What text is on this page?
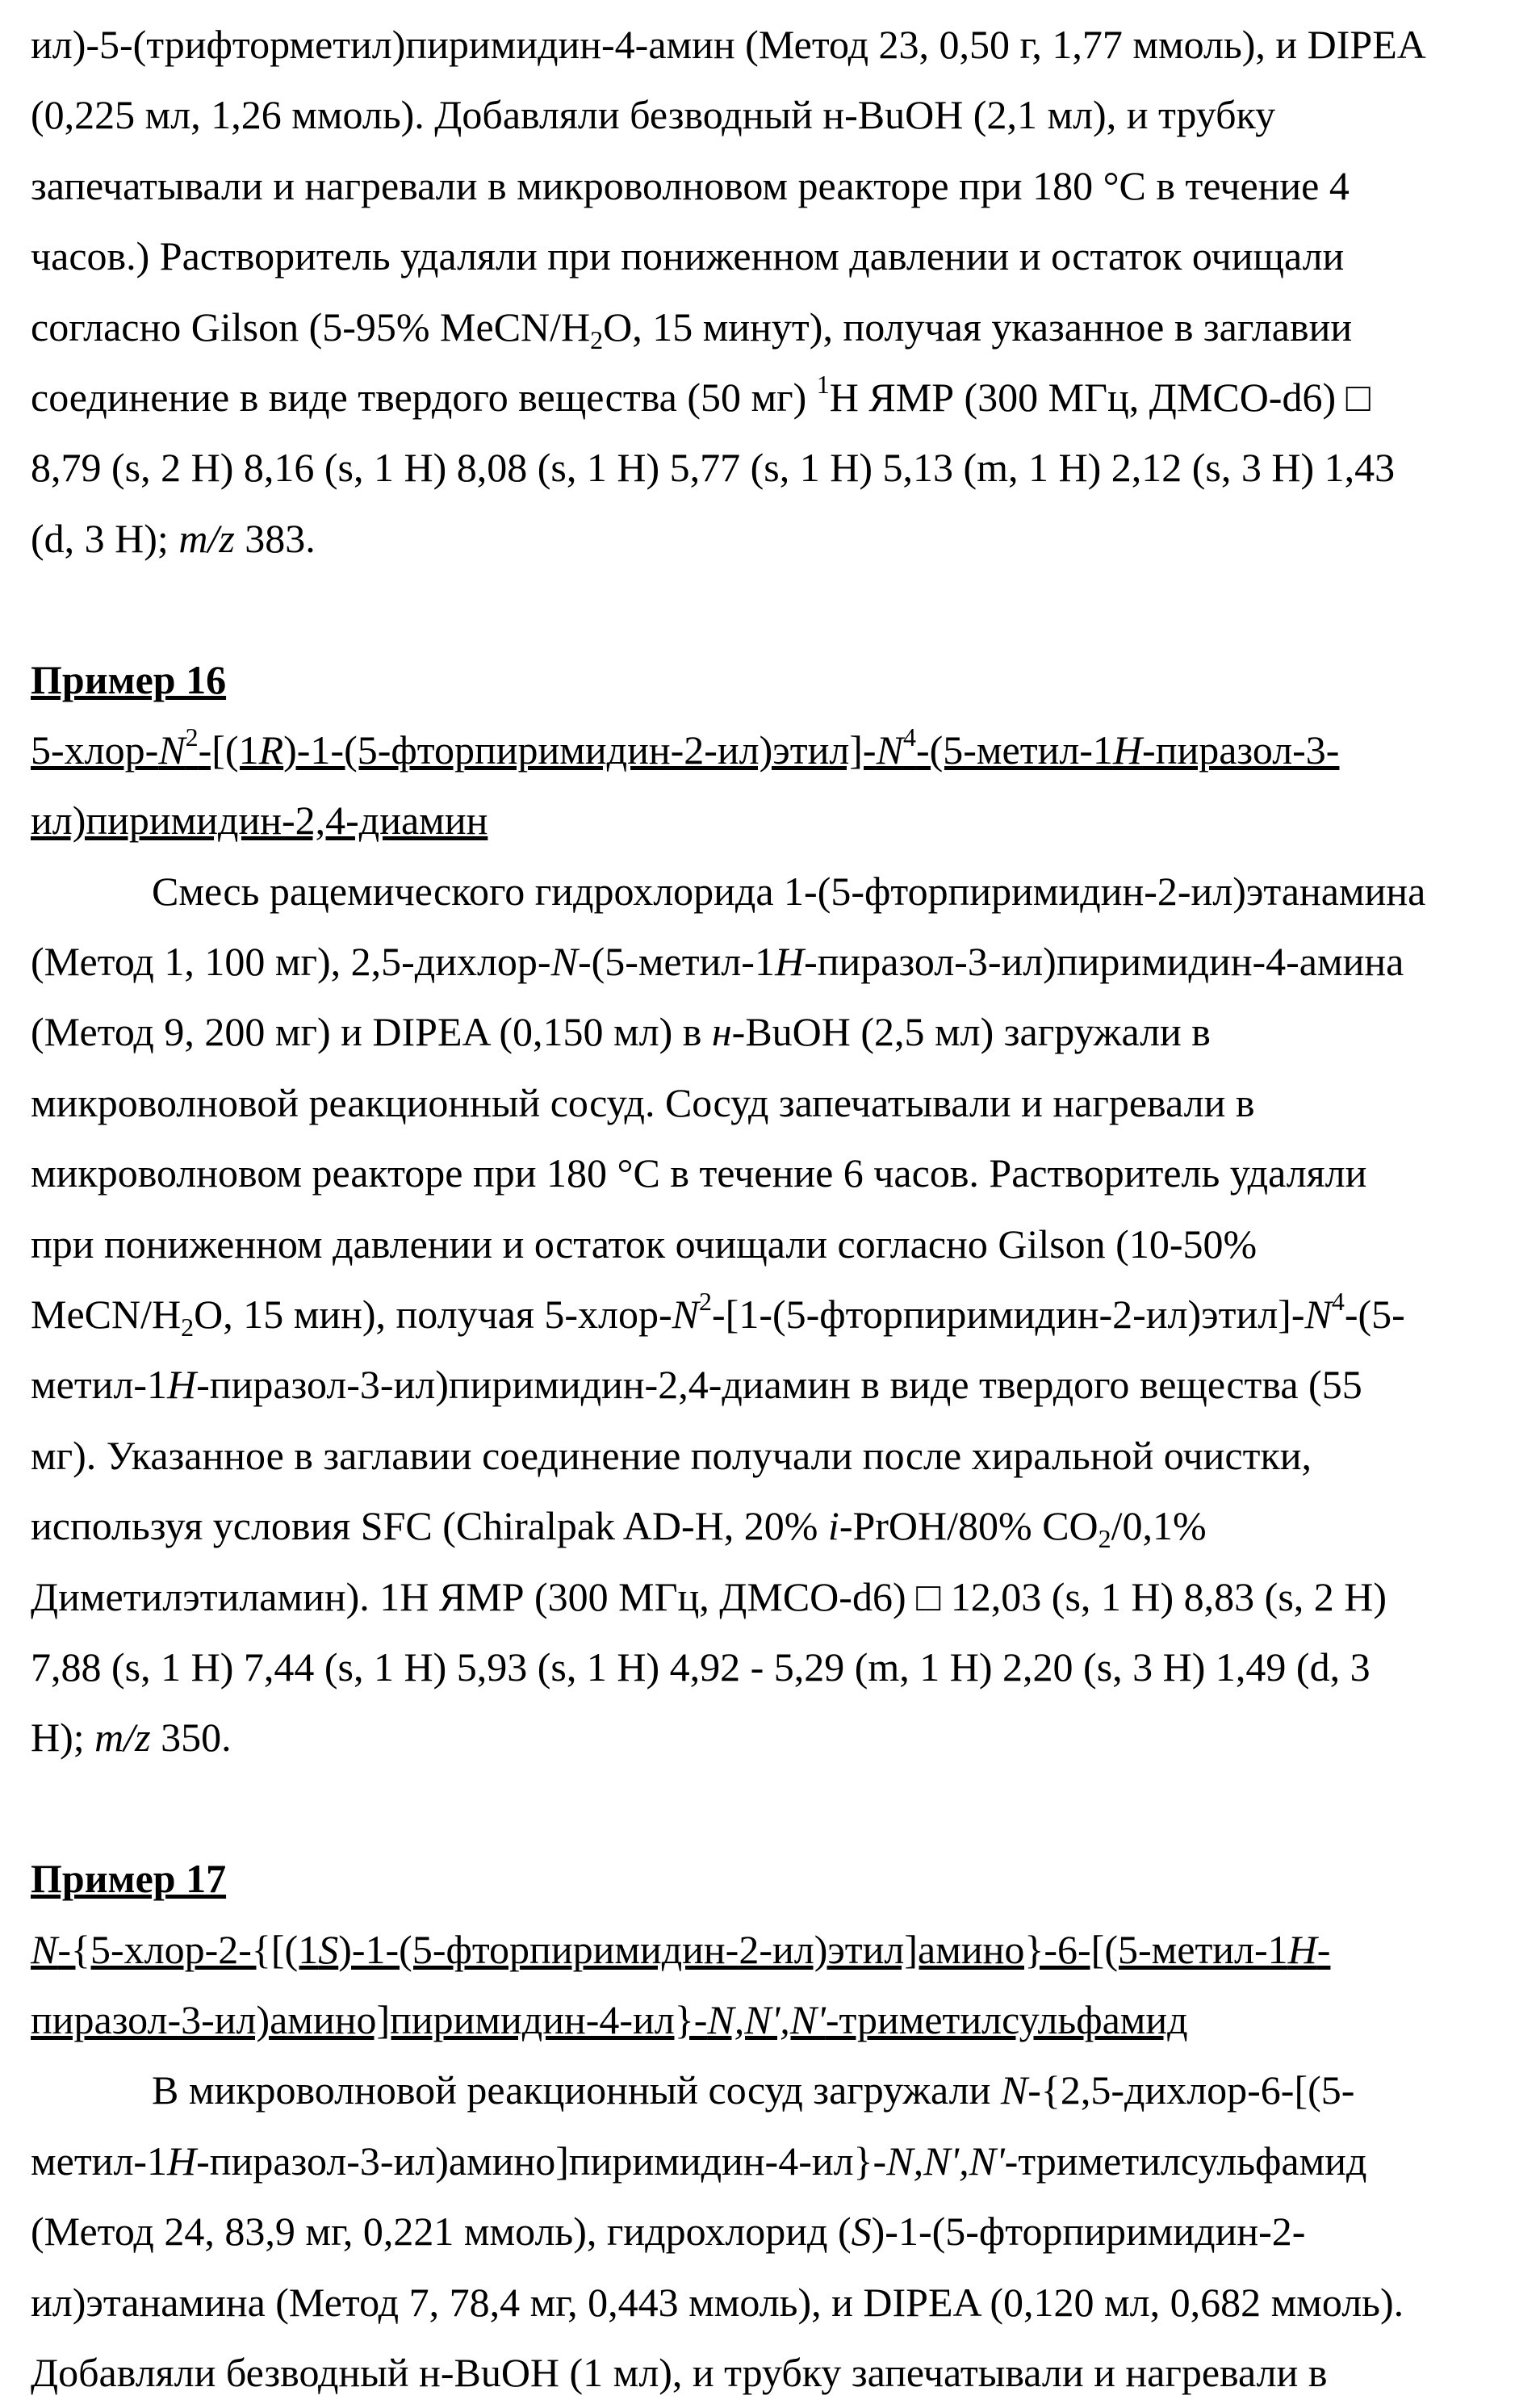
ил)-5-(трифторметил)пиримидин-4-амин (Метод 23, 0,50 г, 1,77 ммоль), и DIPEA
(0,225 мл, 1,26 ммоль). Добавляли безводный н-BuOH (2,1 мл), и трубку
запечатывали и нагревали в микроволновом реакторе при 180 °С в течение 4
часов.) Растворитель удаляли при пониженном давлении и остаток очищали
согласно Gilson (5-95% MeCN/H2O, 15 минут), получая указанное в заглавии
соединение в виде твердого вещества (50 мг) 1H ЯМР (300 МГц, ДМСО-d6) □
8,79 (s, 2 H) 8,16 (s, 1 H) 8,08 (s, 1 H) 5,77 (s, 1 H) 5,13 (m, 1 H) 2,12 (s, 3 H) 1,43
(d, 3 H); m/z 383.
Пример 16
5-хлор-N2-[(1R)-1-(5-фторпиримидин-2-ил)этил]-N4-(5-метил-1H-пиразол-3-
ил)пиримидин-2,4-диамин
Смесь рацемического гидрохлорида 1-(5-фторпиримидин-2-ил)этанамина
(Метод 1, 100 мг), 2,5-дихлор-N-(5-метил-1H-пиразол-3-ил)пиримидин-4-амина
(Метод 9, 200 мг) и DIPEA (0,150 мл) в н-BuOH (2,5 мл) загружали в
микроволновой реакционный сосуд. Сосуд запечатывали и нагревали в
микроволновом реакторе при 180 °С в течение 6 часов. Растворитель удаляли
при пониженном давлении и остаток очищали согласно Gilson (10-50%
MeCN/H2O, 15 мин), получая 5-хлор-N2-[1-(5-фторпиримидин-2-ил)этил]-N4-(5-
метил-1H-пиразол-3-ил)пиримидин-2,4-диамин в виде твердого вещества (55
мг). Указанное в заглавии соединение получали после хиральной очистки,
используя условия SFC (Chiralpak AD-H, 20% i-PrOH/80% CO2/0,1%
Диметилэтиламин). 1H ЯМР (300 МГц, ДМСО-d6) □ 12,03 (s, 1 H) 8,83 (s, 2 H)
7,88 (s, 1 H) 7,44 (s, 1 H) 5,93 (s, 1 H) 4,92 - 5,29 (m, 1 H) 2,20 (s, 3 H) 1,49 (d, 3
H); m/z 350.
Пример 17
N-{5-хлор-2-{[(1S)-1-(5-фторпиримидин-2-ил)этил]амино}-6-[(5-метил-1H-
пиразол-3-ил)амино]пиримидин-4-ил}-N,N',N'-триметилсульфамид
В микроволновой реакционный сосуд загружали N-{2,5-дихлор-6-[(5-
метил-1H-пиразол-3-ил)амино]пиримидин-4-ил}-N,N',N'-триметилсульфамид
(Метод 24, 83,9 мг, 0,221 ммоль), гидрохлорид (S)-1-(5-фторпиримидин-2-
ил)этанамина (Метод 7, 78,4 мг, 0,443 ммоль), и DIPEA (0,120 мл, 0,682 ммоль).
Добавляли безводный н-BuOH (1 мл), и трубку запечатывали и нагревали в
